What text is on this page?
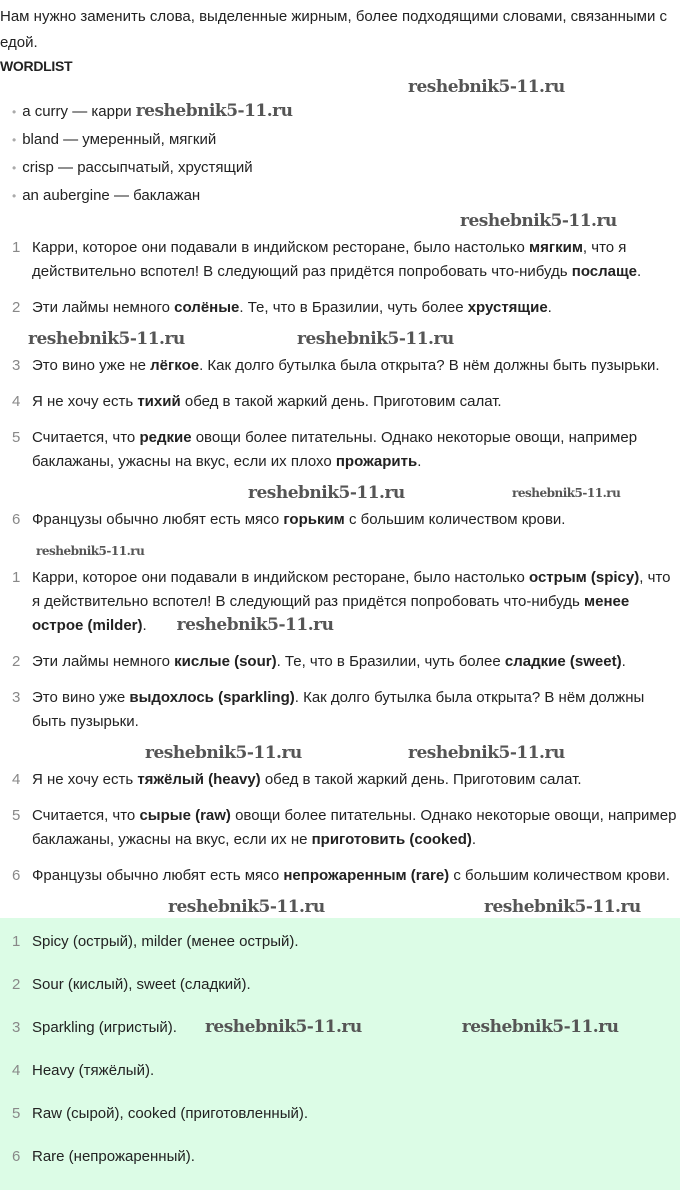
Нам нужно заменить слова, выделенные жирным, более подходящими словами, связанными с едой.
WORDLIST
reshebnik5-11.ru
• a curry — карри reshebnik5-11.ru
• bland — умеренный, мягкий
• crisp — рассыпчатый, хрустящий
• an aubergine — баклажан
reshebnik5-11.ru
1 Карри, которое они подавали в индийском ресторане, было настолько мягким, что я действительно вспотел! В следующий раз придётся попробовать что-нибудь послаще.
2 Эти лаймы немного солёные. Те, что в Бразилии, чуть более хрустящие.
reshebnik5-11.ru	reshebnik5-11.ru
3 Это вино уже не лёгкое. Как долго бутылка была открыта? В нём должны быть пузырьки.
4 Я не хочу есть тихий обед в такой жаркий день. Приготовим салат.
5 Считается, что редкие овощи более питательны. Однако некоторые овощи, например баклажаны, ужасны на вкус, если их плохо прожарить.
reshebnik5-11.ru	reshebnik5-11.ru
6 Французы обычно любят есть мясо горьким с большим количеством крови.
reshebnik5-11.ru
1 Карри, которое они подавали в индийском ресторане, было настолько острым (spicy), что я действительно вспотел! В следующий раз придётся попробовать что-нибудь менее острое (milder). reshebnik5-11.ru
2 Эти лаймы немного кислые (sour). Те, что в Бразилии, чуть более сладкие (sweet).
3 Это вино уже выдохлось (sparkling). Как долго бутылка была открыта? В нём должны быть пузырьки.
reshebnik5-11.ru	reshebnik5-11.ru
4 Я не хочу есть тяжёлый (heavy) обед в такой жаркий день. Приготовим салат.
5 Считается, что сырые (raw) овощи более питательны. Однако некоторые овощи, например баклажаны, ужасны на вкус, если их не приготовить (cooked).
6 Французы обычно любят есть мясо непрожаренным (rare) с большим количеством крови.
reshebnik5-11.ru	reshebnik5-11.ru
1 Spicy (острый), milder (менее острый).
2 Sour (кислый), sweet (сладкий).
3 Sparkling (игристый). reshebnik5-11.ru	reshebnik5-11.ru
4 Heavy (тяжёлый).
5 Raw (сырой), cooked (приготовленный).
6 Rare (непрожаренный).
